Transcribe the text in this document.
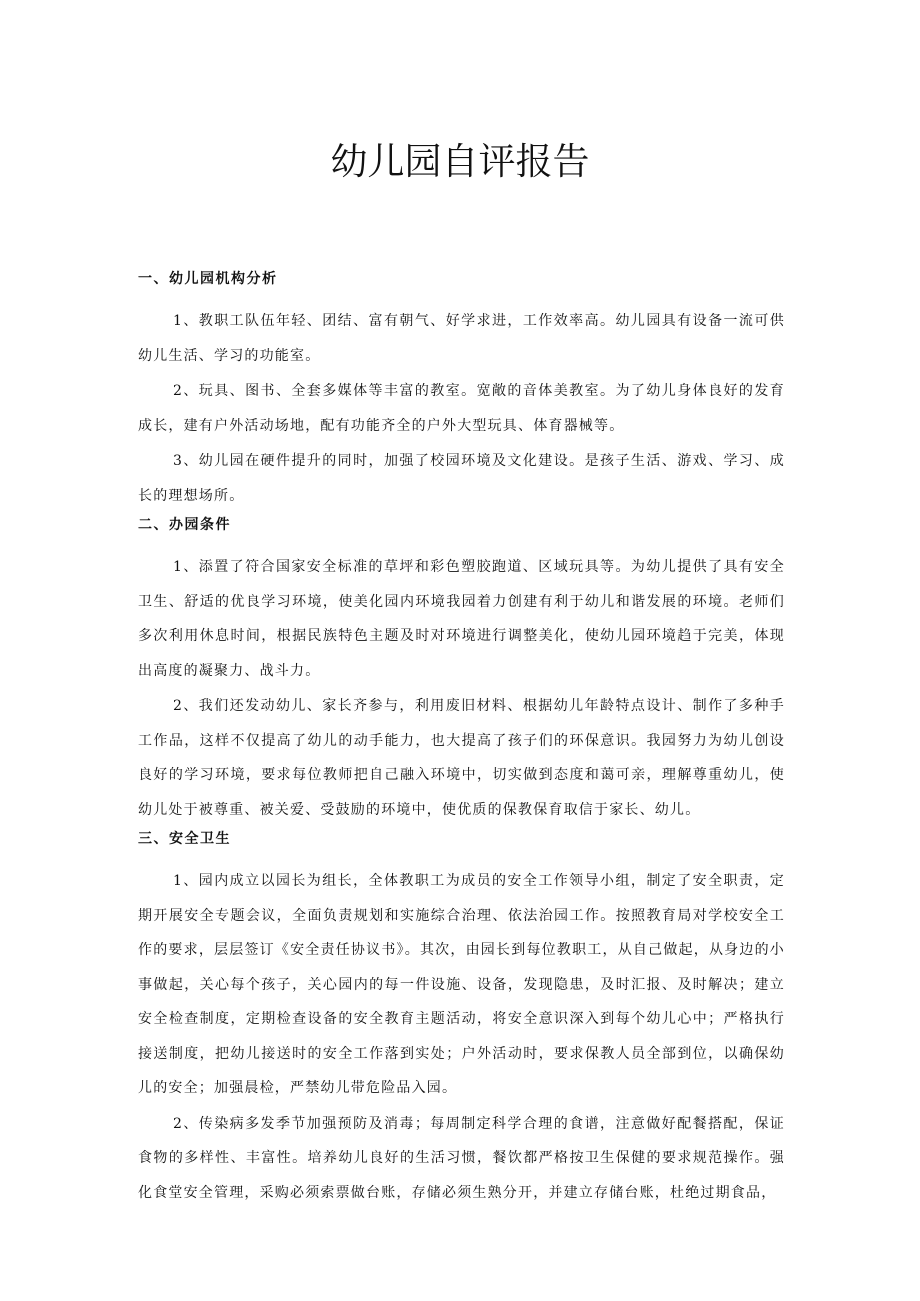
幼儿园自评报告
一、幼儿园机构分析

1、教职工队伍年轻、团结、富有朝气、好学求进，工作效率高。幼儿园具有设备一流可供幼儿生活、学习的功能室。

2、玩具、图书、全套多媒体等丰富的教室。宽敞的音体美教室。为了幼儿身体良好的发育成长，建有户外活动场地，配有功能齐全的户外大型玩具、体育器械等。

3、幼儿园在硬件提升的同时，加强了校园环境及文化建设。是孩子生活、游戏、学习、成长的理想场所。

二、办园条件

1、添置了符合国家安全标准的草坪和彩色塑胶跑道、区域玩具等。为幼儿提供了具有安全卫生、舒适的优良学习环境，使美化园内环境我园着力创建有利于幼儿和谐发展的环境。老师们多次利用休息时间，根据民族特色主题及时对环境进行调整美化，使幼儿园环境趋于完美，体现出高度的凝聚力、战斗力。

2、我们还发动幼儿、家长齐参与，利用废旧材料、根据幼儿年龄特点设计、制作了多种手工作品，这样不仅提高了幼儿的动手能力，也大提高了孩子们的环保意识。我园努力为幼儿创设良好的学习环境，要求每位教师把自己融入环境中，切实做到态度和蔼可亲，理解尊重幼儿，使幼儿处于被尊重、被关爱、受鼓励的环境中，使优质的保教保育取信于家长、幼儿。

三、安全卫生

1、园内成立以园长为组长，全体教职工为成员的安全工作领导小组，制定了安全职责，定期开展安全专题会议，全面负责规划和实施综合治理、依法治园工作。按照教育局对学校安全工作的要求，层层签订《安全责任协议书》。其次，由园长到每位教职工，从自己做起，从身边的小事做起，关心每个孩子，关心园内的每一件设施、设备，发现隐患，及时汇报、及时解决；建立安全检查制度，定期检查设备的安全教育主题活动，将安全意识深入到每个幼儿心中；严格执行接送制度，把幼儿接送时的安全工作落到实处；户外活动时，要求保教人员全部到位，以确保幼儿的安全；加强晨检，严禁幼儿带危险品入园。

2、传染病多发季节加强预防及消毒；每周制定科学合理的食谱，注意做好配餐搭配，保证食物的多样性、丰富性。培养幼儿良好的生活习惯，餐饮都严格按卫生保健的要求规范操作。强化食堂安全管理，采购必须索票做台账，存储必须生熟分开，并建立存储台账，杜绝过期食品，
